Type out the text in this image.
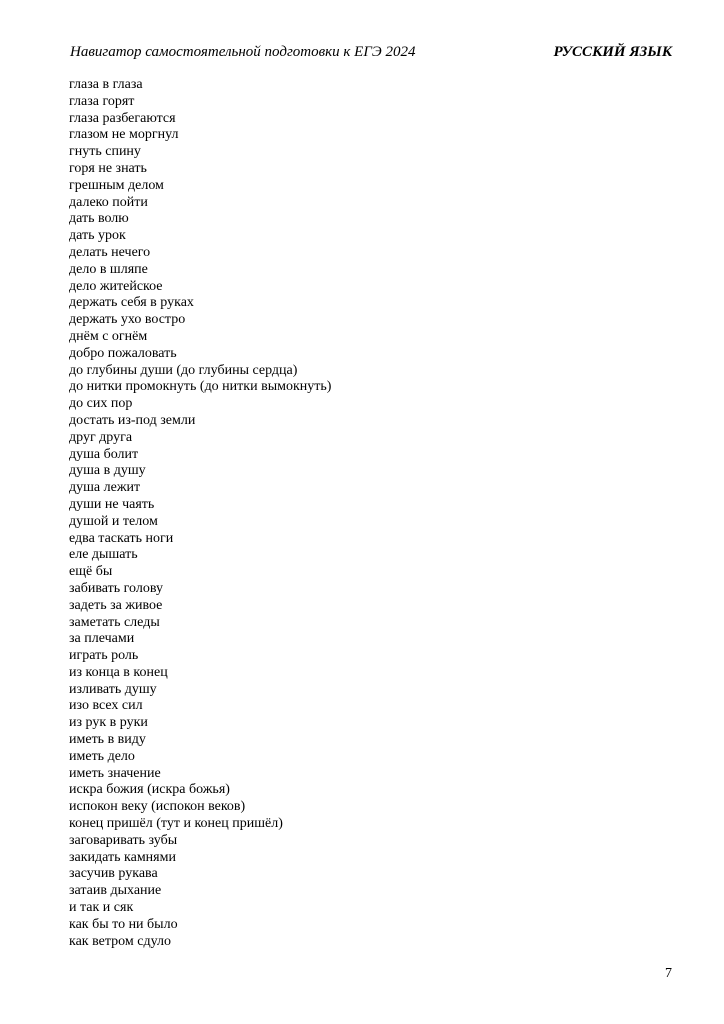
Навигатор самостоятельной подготовки к ЕГЭ 2024	РУССКИЙ ЯЗЫК
глаза в глаза
глаза горят
глаза разбегаются
глазом не моргнул
гнуть спину
горя не знать
грешным делом
далеко пойти
дать волю
дать урок
делать нечего
дело в шляпе
дело житейское
держать себя в руках
держать ухо востро
днём с огнём
добро пожаловать
до глубины души (до глубины сердца)
до нитки промокнуть (до нитки вымокнуть)
до сих пор
достать из-под земли
друг друга
душа болит
душа в душу
душа лежит
души не чаять
душой и телом
едва таскать ноги
еле дышать
ещё бы
забивать голову
задеть за живое
заметать следы
за плечами
играть роль
из конца в конец
изливать душу
изо всех сил
из рук в руки
иметь в виду
иметь дело
иметь значение
искра божия (искра божья)
испокон веку (испокон веков)
конец пришёл (тут и конец пришёл)
заговаривать зубы
закидать камнями
засучив рукава
затаив дыхание
и так и сяк
как бы то ни было
как ветром сдуло
7
